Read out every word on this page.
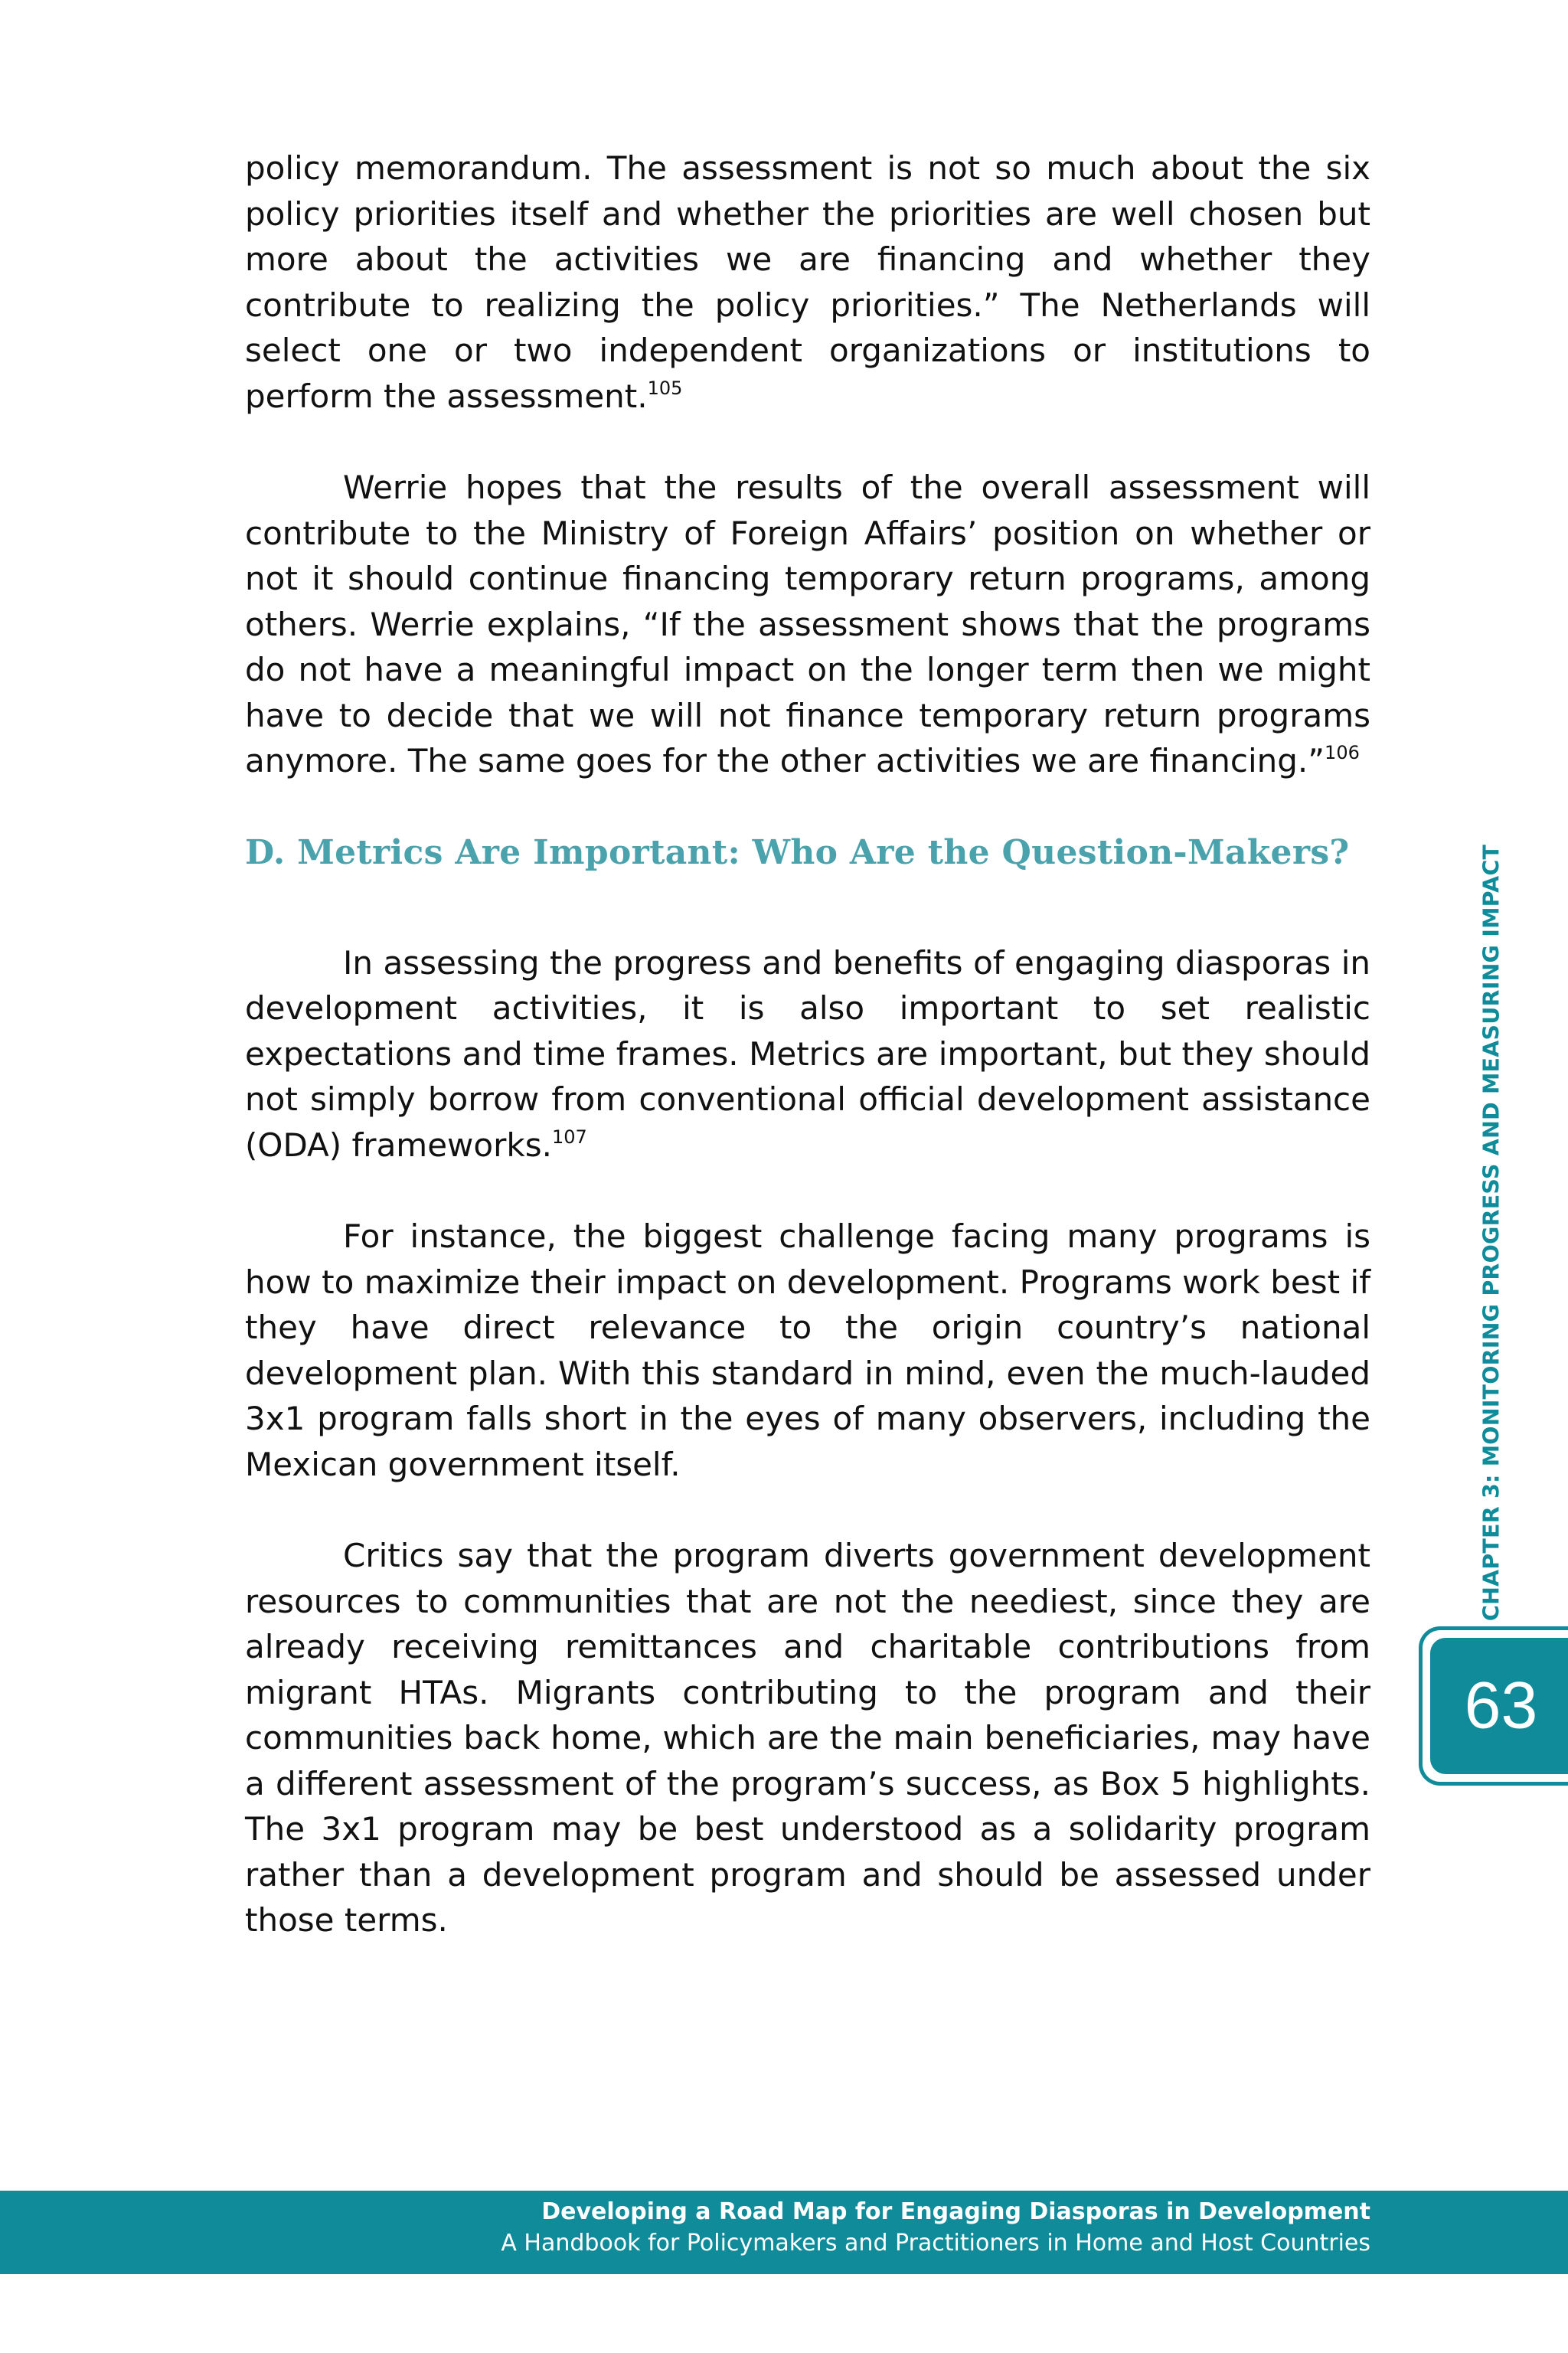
policy memorandum. The assessment is not so much about the six policy priorities itself and whether the priorities are well chosen but more about the activities we are financing and whether they contribute to realizing the policy priorities.” The Netherlands will select one or two independent organizations or institutions to perform the assessment.$^{105}$

Werrie hopes that the results of the overall assessment will contribute to the Ministry of Foreign Affairs’ position on whether or not it should continue financing temporary return programs, among others. Werrie explains, “If the assessment shows that the programs do not have a meaningful impact on the longer term then we might have to decide that we will not finance temporary return programs anymore. The same goes for the other activities we are financing.”$^{106}$

D. Metrics Are Important: Who Are the Question-Makers?

In assessing the progress and benefits of engaging diasporas in development activities, it is also important to set realistic expectations and time frames. Metrics are important, but they should not simply borrow from conventional official development assistance (ODA) frameworks.$^{107}$

For instance, the biggest challenge facing many programs is how to maximize their impact on development. Programs work best if they have direct relevance to the origin country’s national development plan. With this standard in mind, even the much-lauded 3x1 program falls short in the eyes of many observers, including the Mexican government itself.

Critics say that the program diverts government development resources to communities that are not the neediest, since they are already receiving remittances and charitable contributions from migrant HTAs. Migrants contributing to the program and their communities back home, which are the main beneficiaries, may have a different assessment of the program’s success, as Box 5 highlights. The 3x1 program may be best understood as a solidarity program rather than a development program and should be assessed under those terms.

CHAPTER 3: MONITORING PROGRESS AND MEASURING IMPACT
63
Developing a Road Map for Engaging Diasporas in Development
A Handbook for Policymakers and Practitioners in Home and Host Countries
